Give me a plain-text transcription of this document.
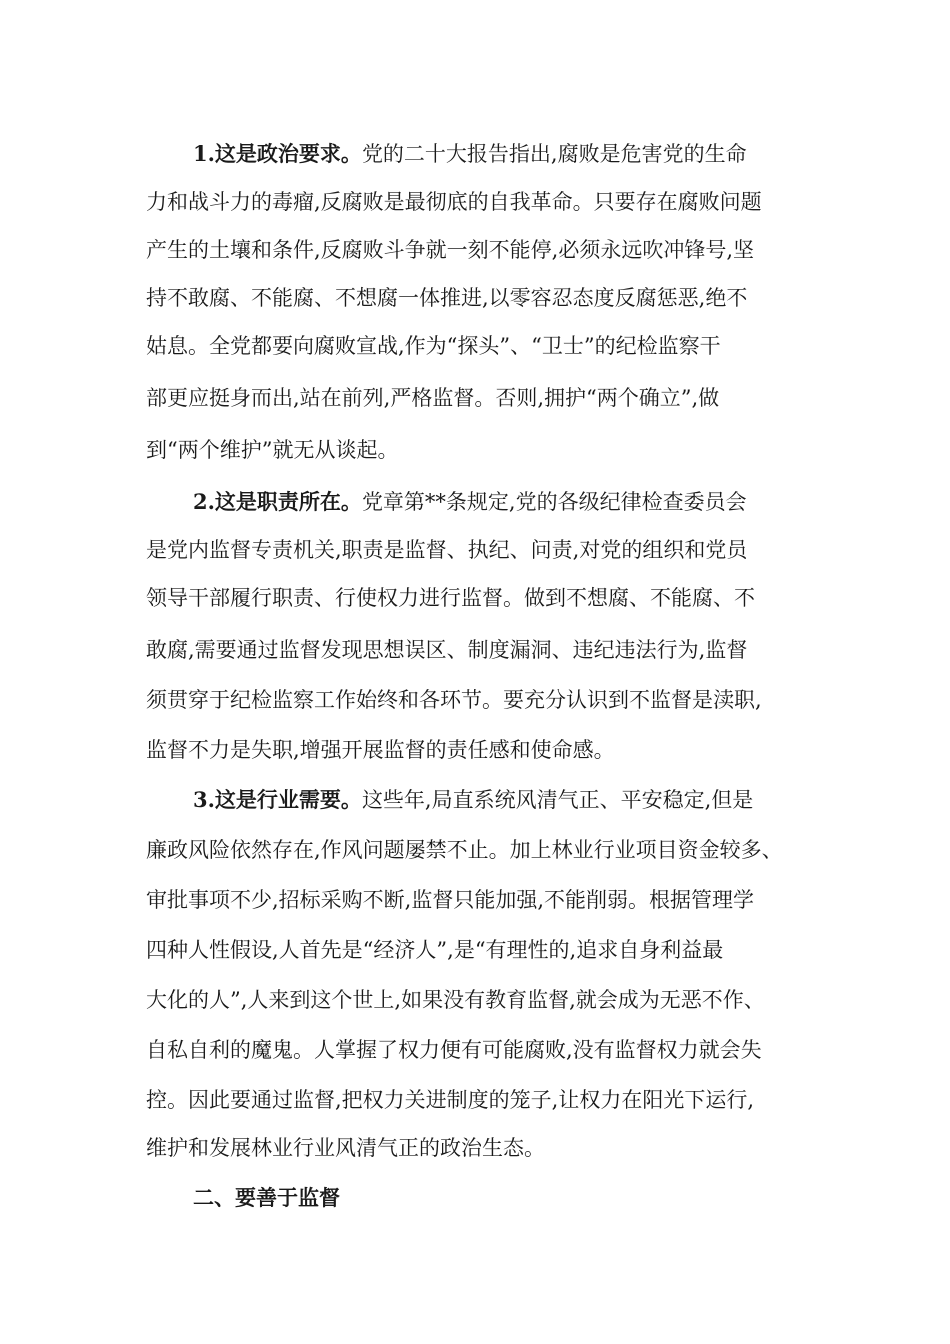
1.这是政治要求。党的二十大报告指出,腐败是危害党的生命
力和战斗力的毒瘤,反腐败是最彻底的自我革命。只要存在腐败问题
产生的土壤和条件,反腐败斗争就一刻不能停,必须永远吹冲锋号,坚
持不敢腐、不能腐、不想腐一体推进,以零容忍态度反腐惩恶,绝不
姑息。全党都要向腐败宣战,作为“探头”、“卫士”的纪检监察干
部更应挺身而出,站在前列,严格监督。否则,拥护“两个确立”,做
到“两个维护”就无从谈起。
2.这是职责所在。党章第**条规定,党的各级纪律检查委员会
是党内监督专责机关,职责是监督、执纪、问责,对党的组织和党员
领导干部履行职责、行使权力进行监督。做到不想腐、不能腐、不
敢腐,需要通过监督发现思想误区、制度漏洞、违纪违法行为,监督
须贯穿于纪检监察工作始终和各环节。要充分认识到不监督是渎职,
监督不力是失职,增强开展监督的责任感和使命感。
3.这是行业需要。这些年,局直系统风清气正、平安稳定,但是
廉政风险依然存在,作风问题屡禁不止。加上林业行业项目资金较多、
审批事项不少,招标采购不断,监督只能加强,不能削弱。根据管理学
四种人性假设,人首先是“经济人”,是“有理性的,追求自身利益最
大化的人”,人来到这个世上,如果没有教育监督,就会成为无恶不作、
自私自利的魔鬼。人掌握了权力便有可能腐败,没有监督权力就会失
控。因此要通过监督,把权力关进制度的笼子,让权力在阳光下运行,
维护和发展林业行业风清气正的政治生态。
二、要善于监督
